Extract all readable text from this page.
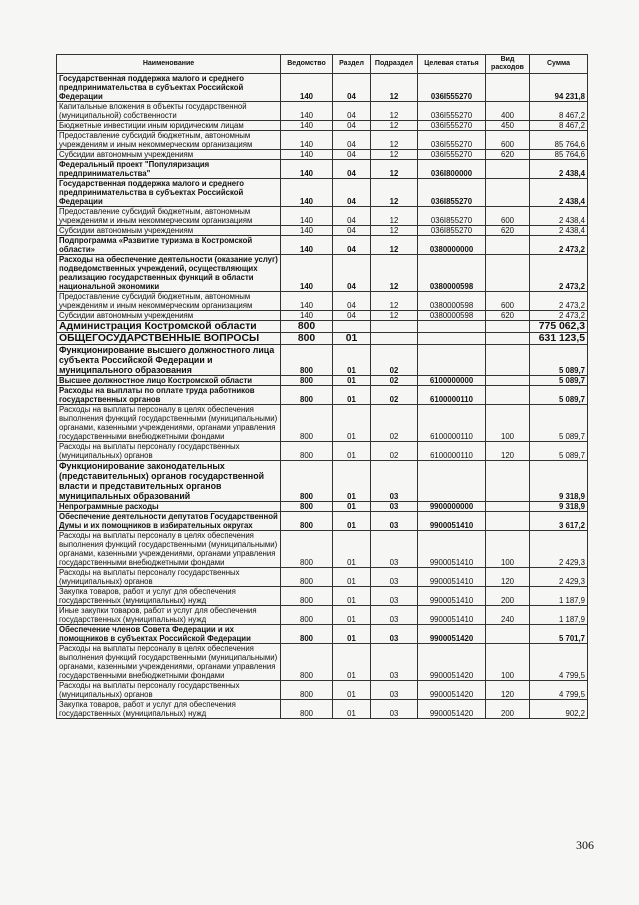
Наименование	Ведомство	Раздел	Подраздел	Целевая статья	Вид расходов	Сумма
Государственная поддержка малого и среднего предпринимательства в субъектах Российской Федерации	140	04	12	036I555270		94 231,8
Капитальные вложения в объекты государственной (муниципальной) собственности	140	04	12	036I555270	400	8 467,2
Бюджетные инвестиции иным юридическим лицам	140	04	12	036I555270	450	8 467,2
Предоставление субсидий бюджетным, автономным учреждениям и иным некоммерческим организациям	140	04	12	036I555270	600	85 764,6
Субсидии автономным учреждениям	140	04	12	036I555270	620	85 764,6
Федеральный проект "Популяризация предпринимательства"	140	04	12	036I800000		2 438,4
Государственная поддержка малого и среднего предпринимательства в субъектах Российской Федерации	140	04	12	036I855270		2 438,4
Предоставление субсидий бюджетным, автономным учреждениям и иным некоммерческим организациям	140	04	12	036I855270	600	2 438,4
Субсидии автономным учреждениям	140	04	12	036I855270	620	2 438,4
Подпрограмма «Развитие туризма в Костромской области»	140	04	12	0380000000		2 473,2
Расходы на обеспечение деятельности (оказание услуг) подведомственных учреждений, осуществляющих реализацию государственных функций в области национальной экономики	140	04	12	0380000598		2 473,2
Предоставление субсидий бюджетным, автономным учреждениям и иным некоммерческим организациям	140	04	12	0380000598	600	2 473,2
Субсидии автономным учреждениям	140	04	12	0380000598	620	2 473,2
Администрация Костромской области	800					775 062,3
ОБЩЕГОСУДАРСТВЕННЫЕ ВОПРОСЫ	800	01				631 123,5
Функционирование высшего должностного лица субъекта Российской Федерации и муниципального образования	800	01	02			5 089,7
Высшее должностное лицо Костромской области	800	01	02	6100000000		5 089,7
Расходы на выплаты по оплате труда работников государственных органов	800	01	02	6100000110		5 089,7
Расходы на выплаты персоналу в целях обеспечения выполнения функций государственными (муниципальными) органами, казенными учреждениями, органами управления государственными внебюджетными фондами	800	01	02	6100000110	100	5 089,7
Расходы на выплаты персоналу государственных (муниципальных) органов	800	01	02	6100000110	120	5 089,7
Функционирование законодательных (представительных) органов государственной власти и представительных органов муниципальных образований	800	01	03			9 318,9
Непрограммные расходы	800	01	03	9900000000		9 318,9
Обеспечение деятельности депутатов Государственной Думы и их помощников в избирательных округах	800	01	03	9900051410		3 617,2
Расходы на выплаты персоналу в целях обеспечения выполнения функций государственными (муниципальными) органами, казенными учреждениями, органами управления государственными внебюджетными фондами	800	01	03	9900051410	100	2 429,3
Расходы на выплаты персоналу государственных (муниципальных) органов	800	01	03	9900051410	120	2 429,3
Закупка товаров, работ и услуг для обеспечения государственных (муниципальных) нужд	800	01	03	9900051410	200	1 187,9
Иные закупки товаров, работ и услуг для обеспечения государственных (муниципальных) нужд	800	01	03	9900051410	240	1 187,9
Обеспечение членов Совета Федерации и их помощников в субъектах Российской Федерации	800	01	03	9900051420		5 701,7
Расходы на выплаты персоналу в целях обеспечения выполнения функций государственными (муниципальными) органами, казенными учреждениями, органами управления государственными внебюджетными фондами	800	01	03	9900051420	100	4 799,5
Расходы на выплаты персоналу государственных (муниципальных) органов	800	01	03	9900051420	120	4 799,5
Закупка товаров, работ и услуг для обеспечения государственных (муниципальных) нужд	800	01	03	9900051420	200	902,2
306
